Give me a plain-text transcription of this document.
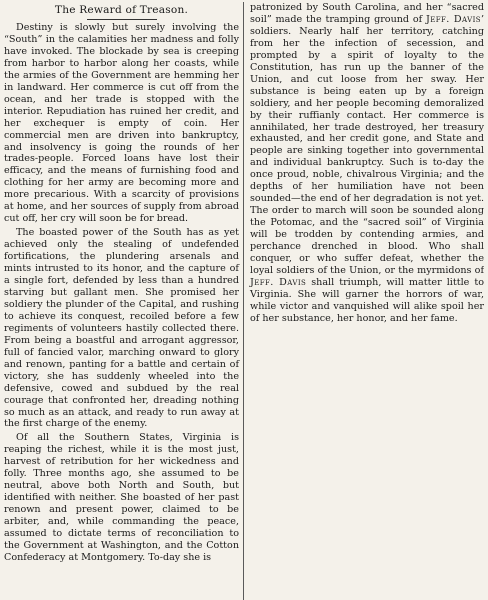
The Reward of Treason.

Destiny is slowly but surely involving the “South” in the calamities her madness and folly have invoked. The blockade by sea is creeping from harbor to harbor along her coasts, while the armies of the Government are hemming her in landward. Her commerce is cut off from the ocean, and her trade is stopped with the interior. Repudiation has ruined her credit, and her exchequer is empty of coin. Her commercial men are driven into bankruptcy, and insolvency is going the rounds of her trades-people. Forced loans have lost their efficacy, and the means of furnishing food and clothing for her army are becoming more and more precarious. With a scarcity of provisions at home, and her sources of supply from abroad cut off, her cry will soon be for bread.

The boasted power of the South has as yet achieved only the stealing of undefended fortifications, the plundering arsenals and mints intrusted to its honor, and the capture of a single fort, defended by less than a hundred starving but gallant men. She promised her soldiery the plunder of the Capital, and rushing to achieve its conquest, recoiled before a few regiments of volunteers hastily collected there. From being a boastful and arrogant aggressor, full of fancied valor, marching onward to glory and renown, panting for a battle and certain of victory, she has suddenly wheeled into the defensive, cowed and subdued by the real courage that confronted her, dreading nothing so much as an attack, and ready to run away at the first charge of the enemy.

Of all the Southern States, Virginia is reaping the richest, while it is the most just, harvest of retribution for her wickedness and folly. Three months ago, she assumed to be neutral, above both North and South, but identified with neither. She boasted of her past renown and present power, claimed to be arbiter, and, while commanding the peace, assumed to dictate terms of reconciliation to the Government at Washington, and the Cotton Confederacy at Montgomery. To-day she is

patronized by South Carolina, and her “sacred soil” made the tramping ground of Jeff. Davis’ soldiers. Nearly half her territory, catching from her the infection of secession, and prompted by a spirit of loyalty to the Constitution, has run up the banner of the Union, and cut loose from her sway. Her substance is being eaten up by a foreign soldiery, and her people becoming demoralized by their ruffianly contact. Her commerce is annihilated, her trade destroyed, her treasury exhausted, and her credit gone, and State and people are sinking together into governmental and individual bankruptcy. Such is to-day the once proud, noble, chivalrous Virginia; and the depths of her humiliation have not been sounded—the end of her degradation is not yet. The order to march will soon be sounded along the Potomac, and the “sacred soil” of Virginia will be trodden by contending armies, and perchance drenched in blood. Who shall conquer, or who suffer defeat, whether the loyal soldiers of the Union, or the myrmidons of Jeff. Davis shall triumph, will matter little to Virginia. She will garner the horrors of war, while victor and vanquished will alike spoil her of her substance, her honor, and her fame.
